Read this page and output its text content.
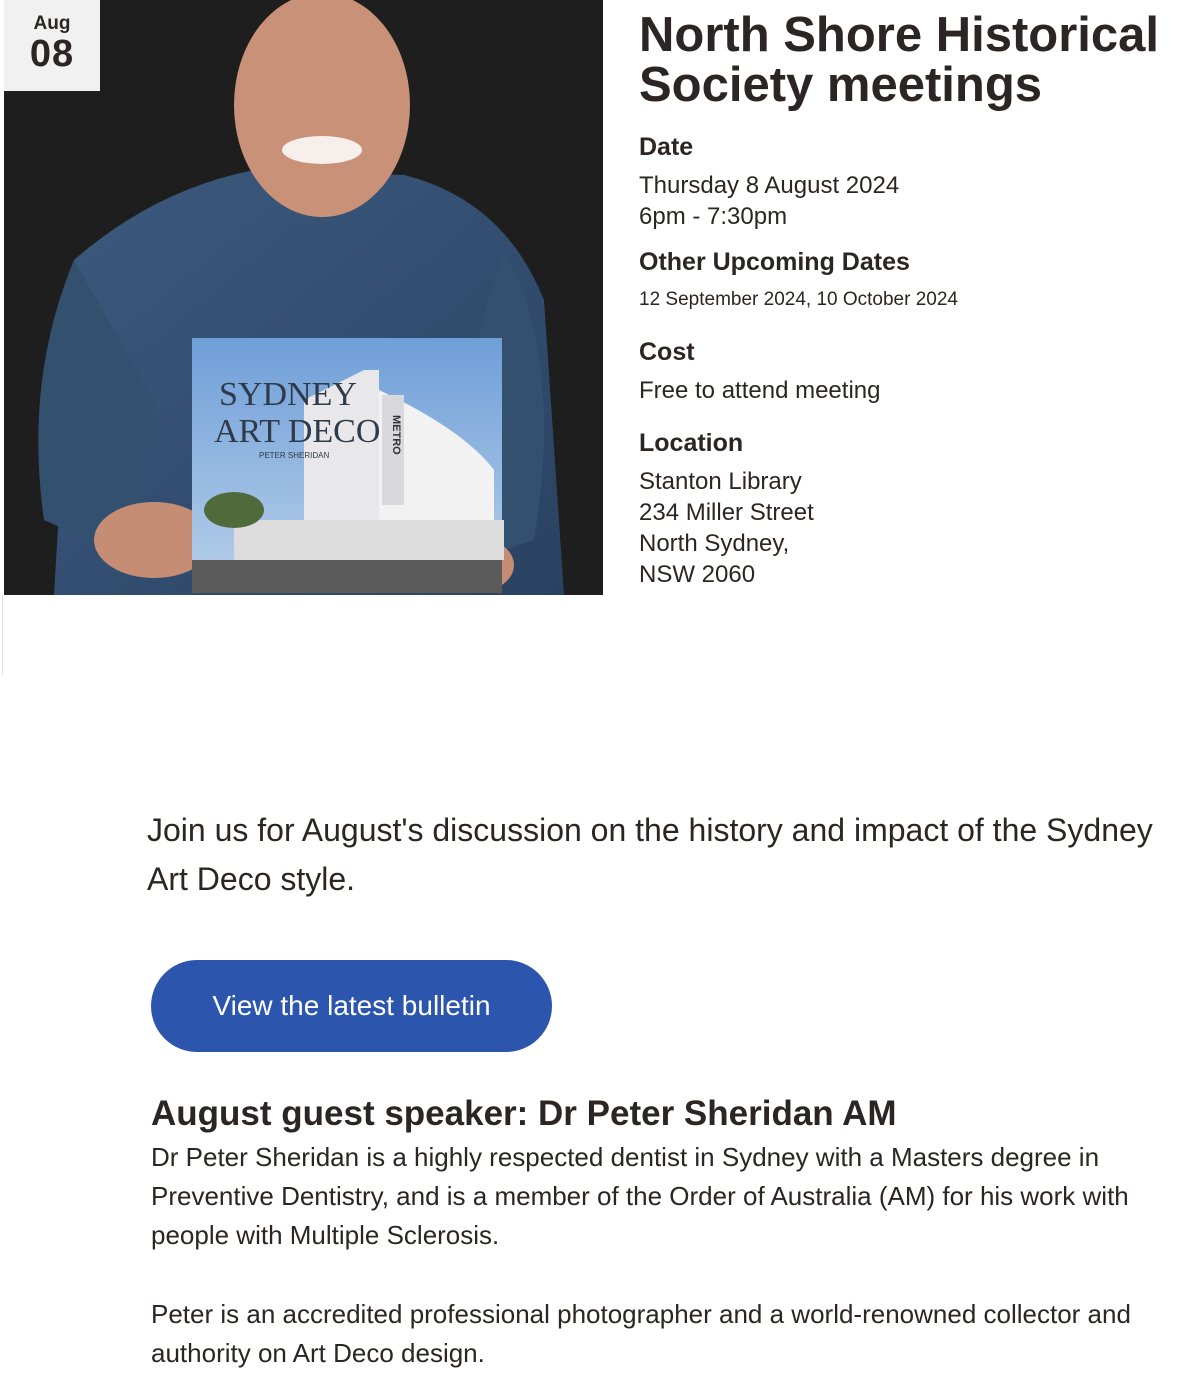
SYDNEY
ART DECO
PETER SHERIDAN
METRO
Aug
08	North Shore Historical Society meetings
Date
Thursday 8 August 2024
6pm - 7:30pm
Other Upcoming Dates
12 September 2024, 10 October 2024
Cost
Free to attend meeting
Location
Stanton Library
234 Miller Street
North Sydney,
NSW 2060

Join us for August's discussion on the history and impact of the Sydney Art Deco style.

View the latest bulletin
August guest speaker: Dr Peter Sheridan AM

Dr Peter Sheridan is a highly respected dentist in Sydney with a Masters degree in Preventive Dentistry, and is a member of the Order of Australia (AM) for his work with people with Multiple Sclerosis.

Peter is an accredited professional photographer and a world-renowned collector and authority on Art Deco design.
